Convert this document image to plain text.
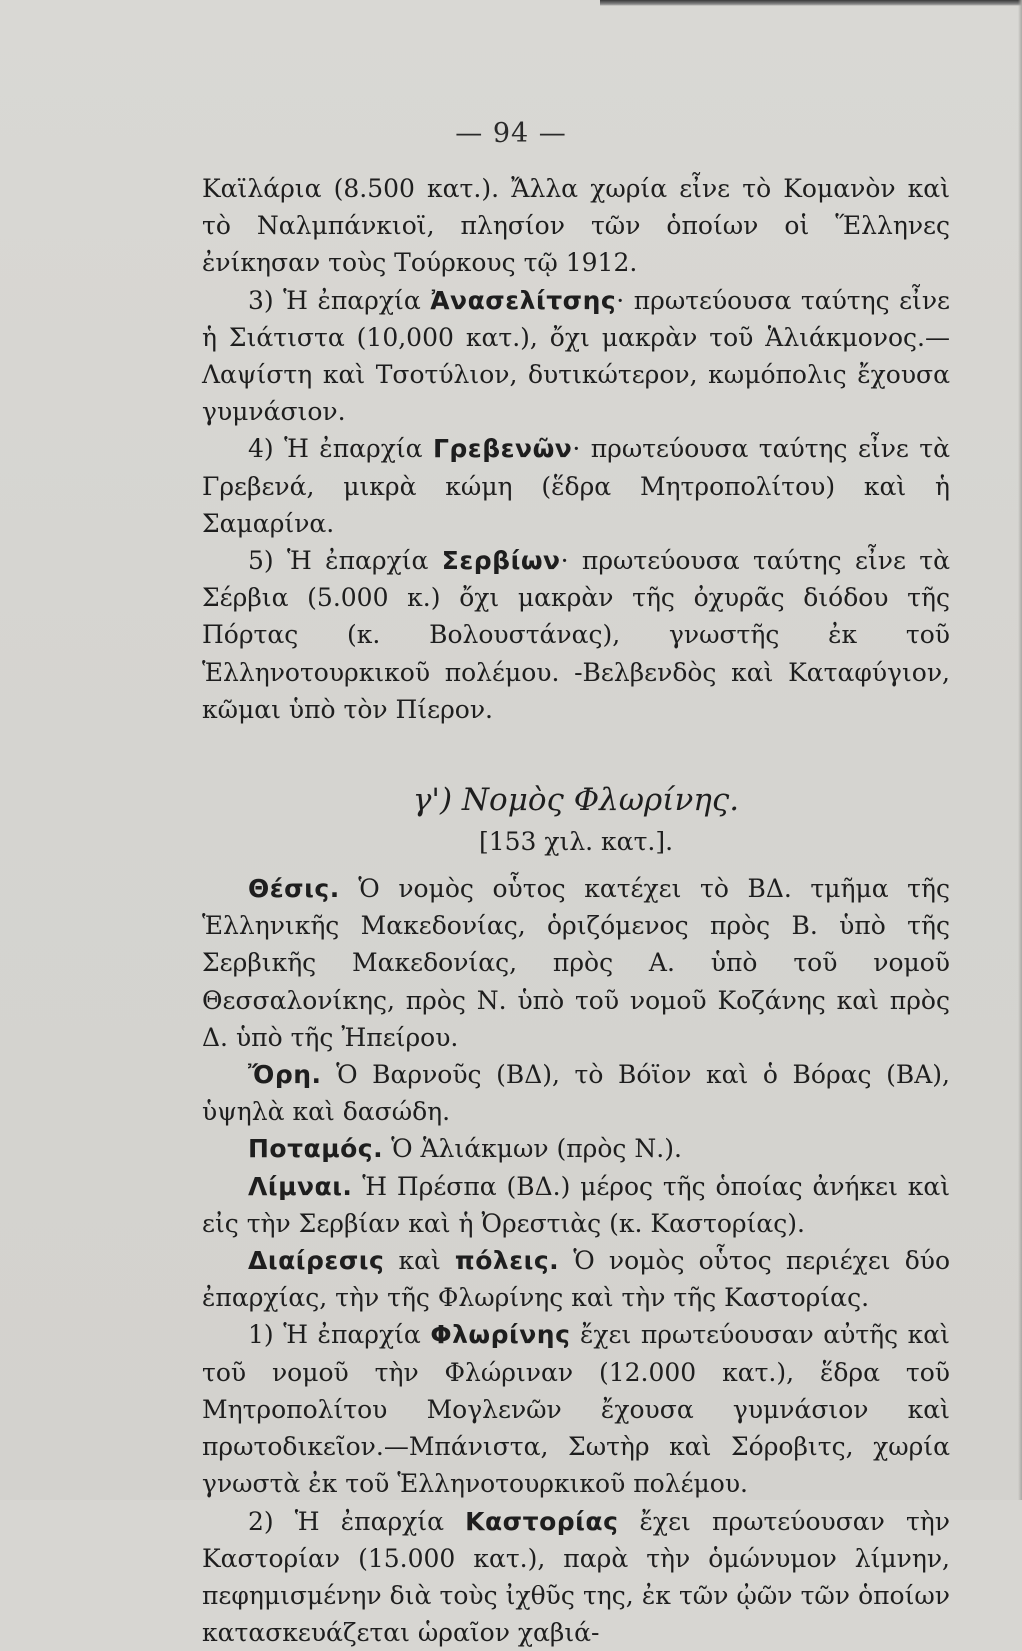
— 94 —

Καϊλάρια (8.500 κατ.). Ἄλλα χωρία εἶνε τὸ Κομανὸν καὶ τὸ Ναλμπάνκιοϊ, πλησίον τῶν ὁποίων οἱ Ἕλληνες ἐνίκησαν τοὺς Τούρκους τῷ 1912.

3) Ἡ ἐπαρχία Ἀνασελίτσης· πρωτεύουσα ταύτης εἶνε ἡ Σιάτιστα (10,000 κατ.), ὄχι μακρὰν τοῦ Ἁλιάκμονος.—Λαψίστη καὶ Τσοτύλιον, δυτικώτερον, κωμόπολις ἔχουσα γυμνάσιον.

4) Ἡ ἐπαρχία Γρεβενῶν· πρωτεύουσα ταύτης εἶνε τὰ Γρεβενά, μικρὰ κώμη (ἕδρα Μητροπολίτου) καὶ ἡ Σαμαρίνα.

5) Ἡ ἐπαρχία Σερβίων· πρωτεύουσα ταύτης εἶνε τὰ Σέρβια (5.000 κ.) ὄχι μακρὰν τῆς ὀχυρᾶς διόδου τῆς Πόρτας (κ. Βολουστάνας), γνωστῆς ἐκ τοῦ Ἑλληνοτουρκικοῦ πολέμου. -Βελβενδὸς καὶ Καταφύγιον, κῶμαι ὑπὸ τὸν Πίερον.

γ') Νομὸς Φλωρίνης.
[153 χιλ. κατ.].

Θέσις. Ὁ νομὸς οὗτος κατέχει τὸ ΒΔ. τμῆμα τῆς Ἑλληνικῆς Μακεδονίας, ὁριζόμενος πρὸς Β. ὑπὸ τῆς Σερβικῆς Μακεδονίας, πρὸς Α. ὑπὸ τοῦ νομοῦ Θεσσαλονίκης, πρὸς Ν. ὑπὸ τοῦ νομοῦ Κοζάνης καὶ πρὸς Δ. ὑπὸ τῆς Ἠπείρου.

Ὄρη. Ὁ Βαρνοῦς (ΒΔ), τὸ Βόϊον καὶ ὁ Βόρας (ΒΑ), ὑψηλὰ καὶ δασώδη.

Ποταμός. Ὁ Ἁλιάκμων (πρὸς Ν.).

Λίμναι. Ἡ Πρέσπα (ΒΔ.) μέρος τῆς ὁποίας ἀνήκει καὶ εἰς τὴν Σερβίαν καὶ ἡ Ὀρεστιὰς (κ. Καστορίας).

Διαίρεσις καὶ πόλεις. Ὁ νομὸς οὗτος περιέχει δύο ἐπαρχίας, τὴν τῆς Φλωρίνης καὶ τὴν τῆς Καστορίας.

1) Ἡ ἐπαρχία Φλωρίνης ἔχει πρωτεύουσαν αὐτῆς καὶ τοῦ νομοῦ τὴν Φλώριναν (12.000 κατ.), ἕδρα τοῦ Μητροπολίτου Μογλενῶν ἔχουσα γυμνάσιον καὶ πρωτοδικεῖον.—Μπάνιστα, Σωτὴρ καὶ Σόροβιτς, χωρία γνωστὰ ἐκ τοῦ Ἑλληνοτουρκικοῦ πολέμου.

2) Ἡ ἐπαρχία Καστορίας ἔχει πρωτεύουσαν τὴν Καστορίαν (15.000 κατ.), παρὰ τὴν ὁμώνυμον λίμνην, πεφημισμένην διὰ τοὺς ἰχθῦς της, ἐκ τῶν ᾠῶν τῶν ὁποίων κατασκευάζεται ὡραῖον χαβιά-
